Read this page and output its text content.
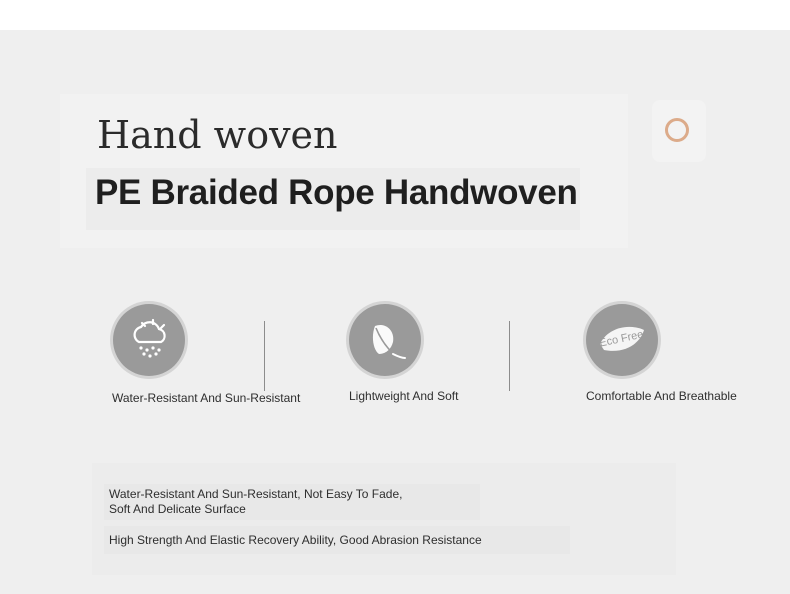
Hand woven
PE Braided Rope Handwoven
Water-Resistant And Sun-Resistant	Lightweight And Soft
Eco Free
Comfortable And Breathable
Water-Resistant And Sun-Resistant, Not Easy To Fade,
Soft And Delicate Surface
High Strength And Elastic Recovery Ability, Good Abrasion Resistance
